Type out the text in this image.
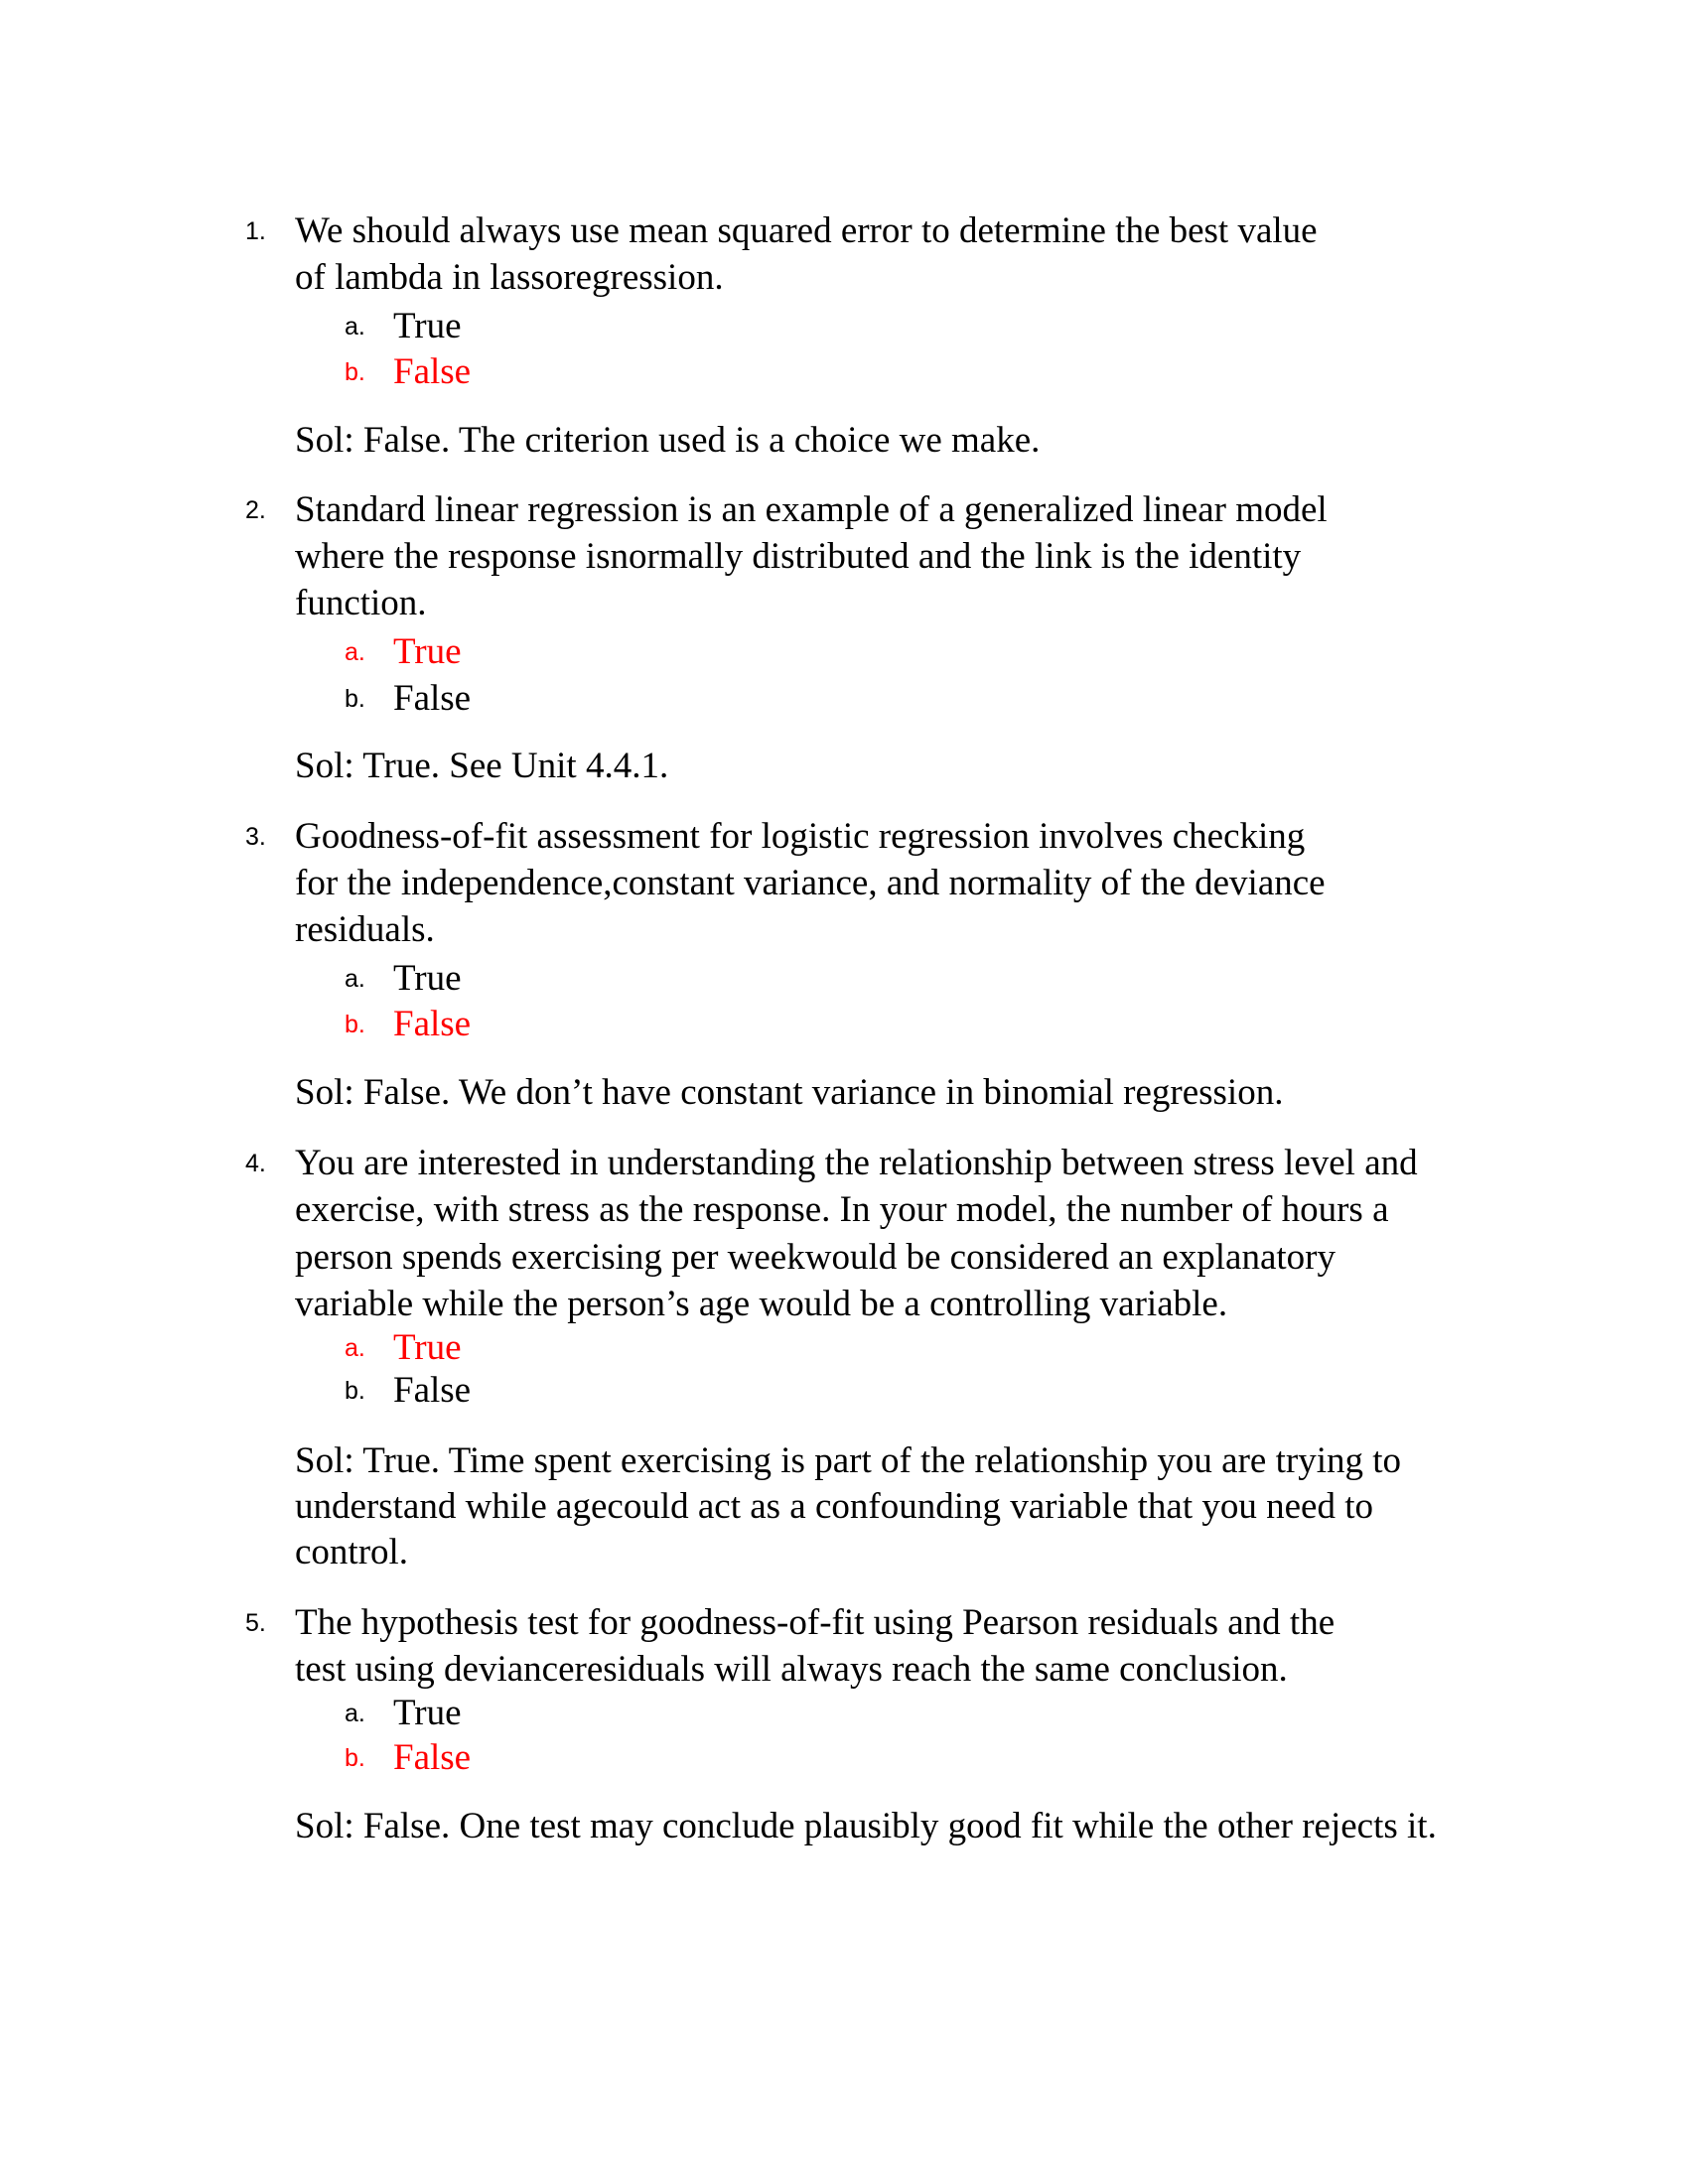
1. We should always use mean squared error to determine the best value
of lambda in lassoregression.
a. True
b. False
Sol: False. The criterion used is a choice we make.
2. Standard linear regression is an example of a generalized linear model
where the response isnormally distributed and the link is the identity
function.
a. True
b. False
Sol: True. See Unit 4.4.1.
3. Goodness-of-fit assessment for logistic regression involves checking
for the independence,constant variance, and normality of the deviance
residuals.
a. True
b. False
Sol: False. We don’t have constant variance in binomial regression.
4. You are interested in understanding the relationship between stress level and
exercise, with stress as the response. In your model, the number of hours a
person spends exercising per weekwould be considered an explanatory
variable while the person’s age would be a controlling variable.
a. True
b. False
Sol: True. Time spent exercising is part of the relationship you are trying to
understand while agecould act as a confounding variable that you need to
control.
5. The hypothesis test for goodness-of-fit using Pearson residuals and the
test using devianceresiduals will always reach the same conclusion.
a. True
b. False
Sol: False. One test may conclude plausibly good fit while the other rejects it.
